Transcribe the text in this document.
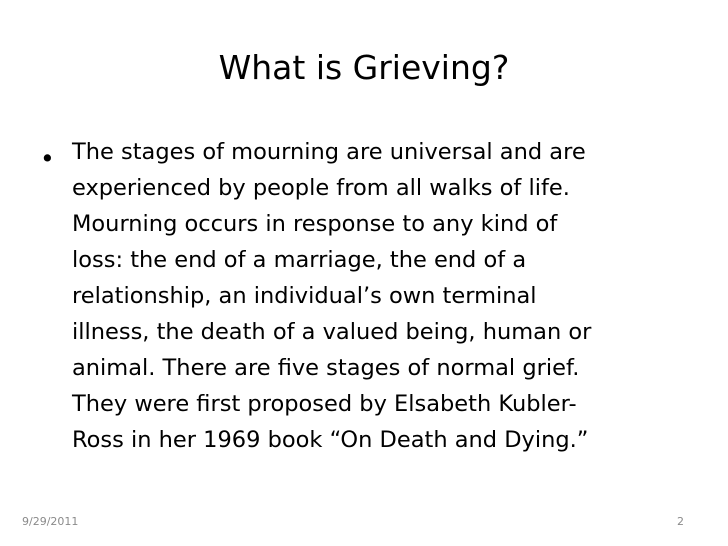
What is Grieving?
• The stages of mourning are universal and are
experienced by people from all walks of life.
Mourning occurs in response to any kind of
loss: the end of a marriage, the end of a
relationship, an individual’s own terminal
illness, the death of a valued being, human or
animal. There are five stages of normal grief.
They were first proposed by Elsabeth Kubler-
Ross in her 1969 book “On Death and Dying.”
9/29/2011	2
